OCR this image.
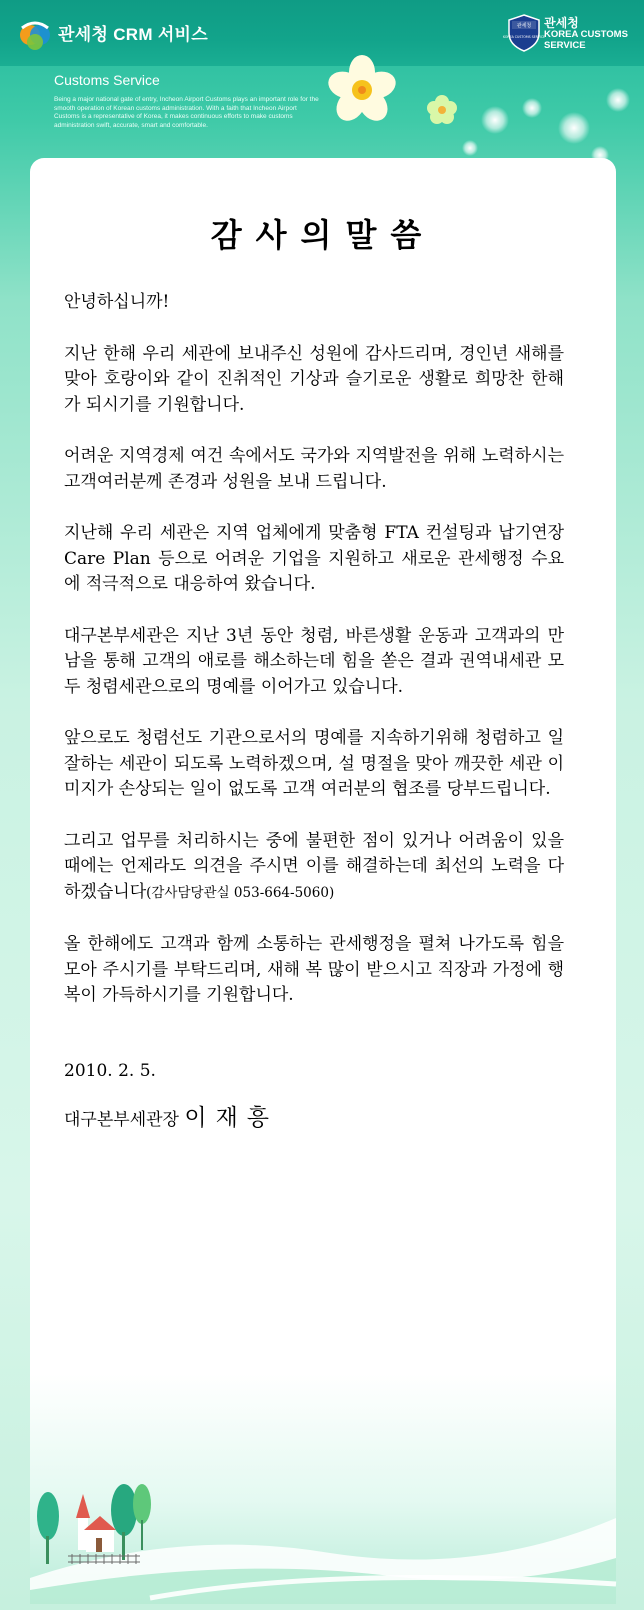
관세청 CRM 서비스	관세청
KOREA CUSTOMS SERVICE
관세청
KOREA CUSTOMS
SERVICE
Customs Service
Being a major national gate of entry, Incheon Airport Customs plays an important role for the smooth operation of Korean customs administration. With a faith that Incheon Airport Customs is a representative of Korea, it makes continuous efforts to make customs administration swift, accurate, smart and comfortable.
감사의말씀

안녕하십니까!

지난 한해 우리 세관에 보내주신 성원에 감사드리며, 경인년 새해를 맞아 호랑이와 같이 진취적인 기상과 슬기로운 생활로 희망찬 한해가 되시기를 기원합니다.

어려운 지역경제 여건 속에서도 국가와 지역발전을 위해 노력하시는 고객여러분께 존경과 성원을 보내 드립니다.

지난해 우리 세관은 지역 업체에게 맞춤형 FTA 컨설팅과 납기연장 Care Plan 등으로 어려운 기업을 지원하고 새로운 관세행정 수요에 적극적으로 대응하여 왔습니다.

대구본부세관은 지난 3년 동안 청렴, 바른생활 운동과 고객과의 만남을 통해 고객의 애로를 해소하는데 힘을 쏟은 결과 권역내세관 모두 청렴세관으로의 명예를 이어가고 있습니다.

앞으로도 청렴선도 기관으로서의 명예를 지속하기위해 청렴하고 일 잘하는 세관이 되도록 노력하겠으며, 설 명절을 맞아 깨끗한 세관 이미지가 손상되는 일이 없도록 고객 여러분의 협조를 당부드립니다.

그리고 업무를 처리하시는 중에 불편한 점이 있거나 어려움이 있을 때에는 언제라도 의견을 주시면 이를 해결하는데 최선의 노력을 다하겠습니다(감사담당관실 053-664-5060)

올 한해에도 고객과 함께 소통하는 관세행정을 펼쳐 나가도록 힘을 모아 주시기를 부탁드리며, 새해 복 많이 받으시고 직장과 가정에 행복이 가득하시기를 기원합니다.

2010. 2. 5.

대구본부세관장 이재흥
